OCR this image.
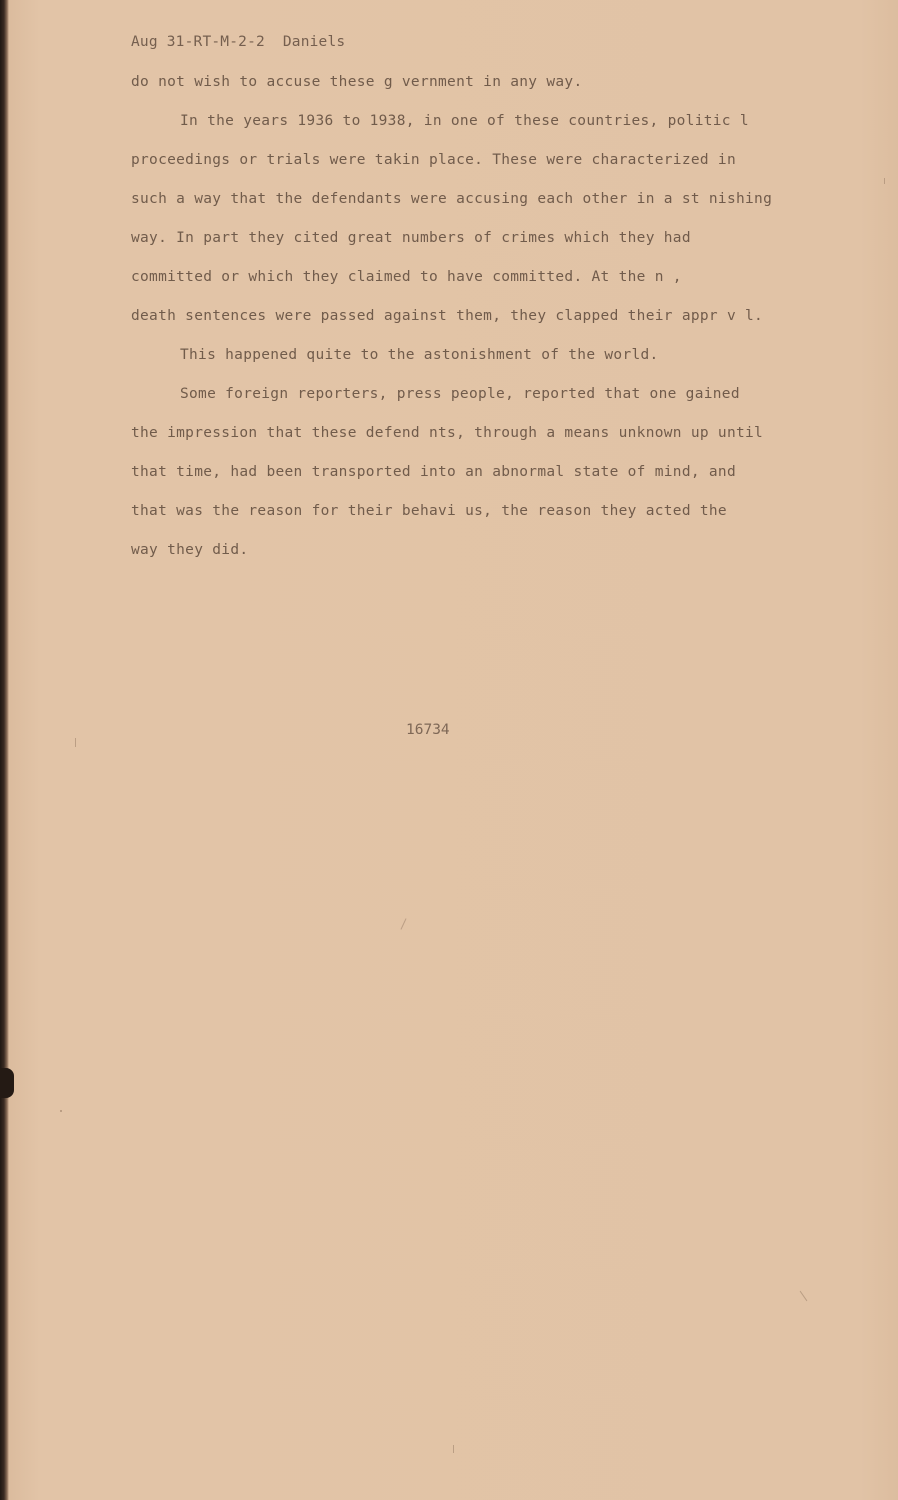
Aug 31-RT-M-2-2 Daniels
do not wish to accuse these g vernment in any way.
In the years 1936 to 1938, in one of these countries, politic l
proceedings or trials were takin place. These were characterized in
such a way that the defendants were accusing each other in a st nishing
way. In part they cited great numbers of crimes which they had
committed or which they claimed to have committed. At the n ,
death sentences were passed against them, they clapped their appr v l.
This happened quite to the astonishment of the world.
Some foreign reporters, press people, reported that one gained
the impression that these defend nts, through a means unknown up until
that time, had been transported into an abnormal state of mind, and
that was the reason for their behavi us, the reason they acted the
way they did.
16734
